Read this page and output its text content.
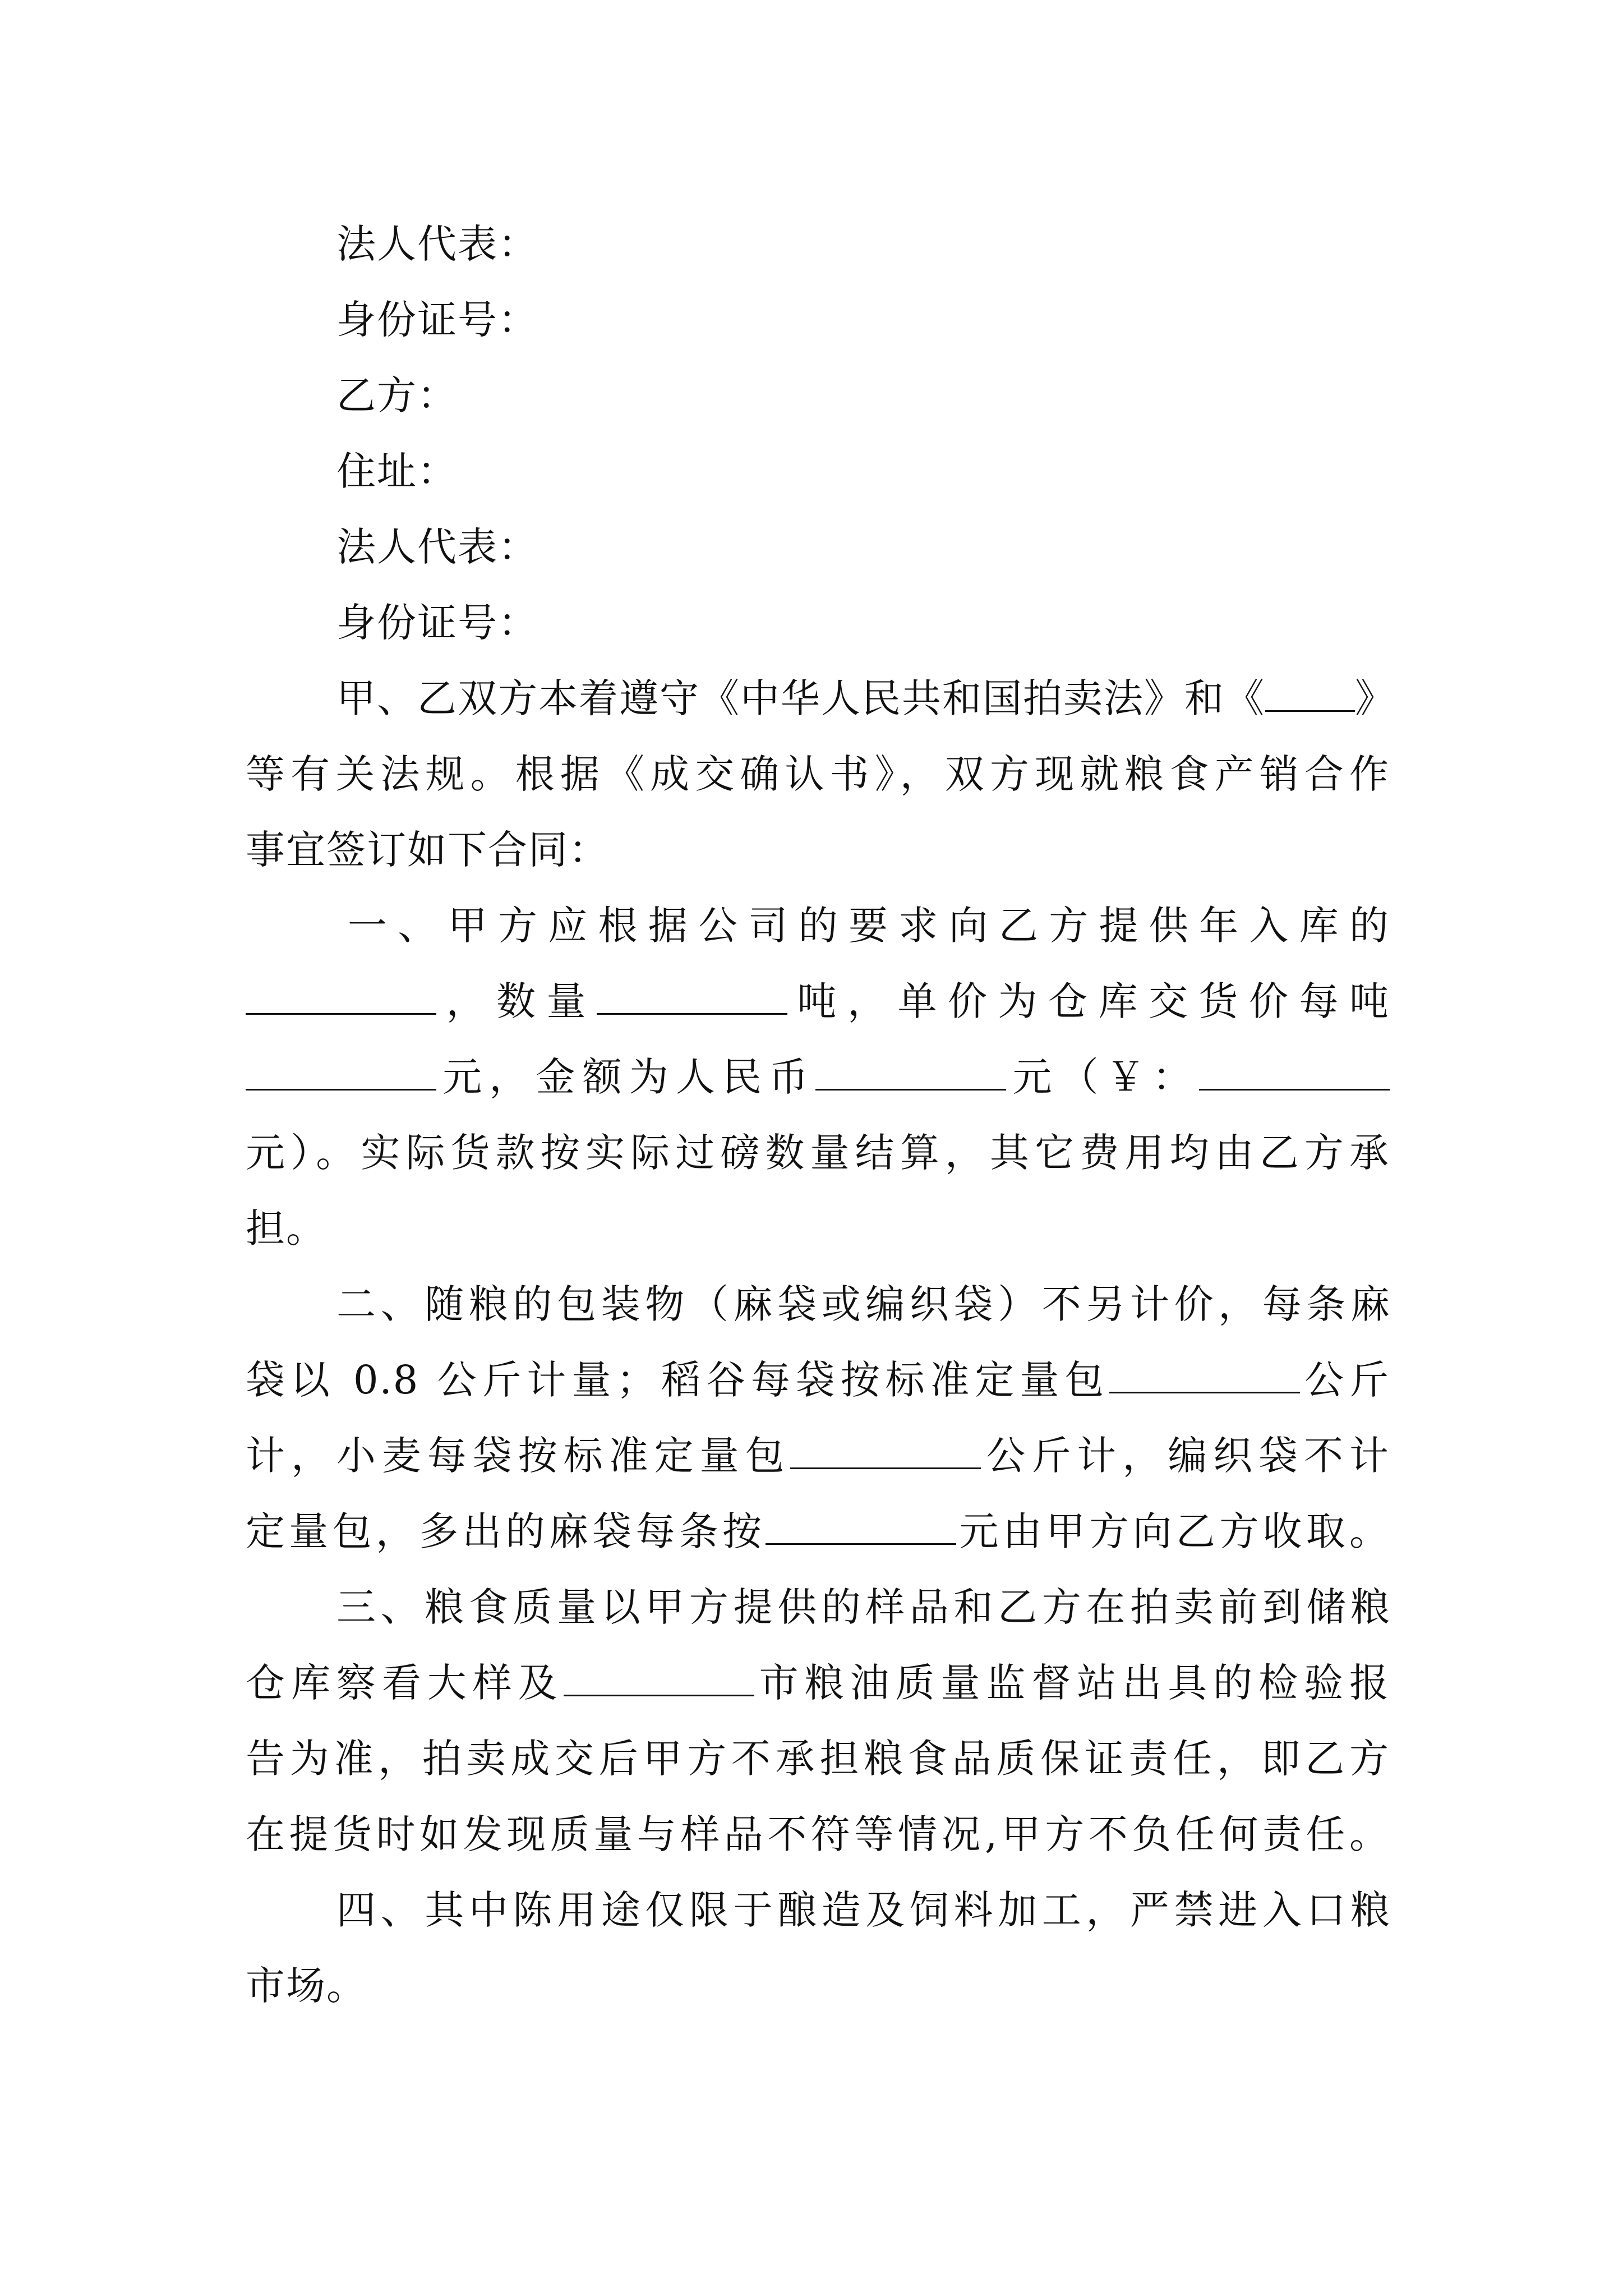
法人代表：
身份证号：
乙方：
住址：
法人代表：
身份证号：
甲、乙双方本着遵守《中华人民共和国拍卖法》和《 》
等有关法规。根据《成交确认书》，双方现就粮食产销合作
事宜签订如下合同：
一、甲方应根据公司的要求向乙方提供年入库的
，数量	吨，单价为仓库交货价每吨
元，金额为人民币	元（￥：
元）。实际货款按实际过磅数量结算，其它费用均由乙方承
担。
二、随粮的包装物（麻袋或编织袋）不另计价，每条麻
袋以 0.8 公斤计量；稻谷每袋按标准定量包	公斤
计，小麦每袋按标准定量包	公斤计，编织袋不计
定量包，多出的麻袋每条按	元由甲方向乙方收取。
三、粮食质量以甲方提供的样品和乙方在拍卖前到储粮
仓库察看大样及	市粮油质量监督站出具的检验报
告为准，拍卖成交后甲方不承担粮食品质保证责任，即乙方
在提货时如发现质量与样品不符等情况,甲方不负任何责任。
四、其中陈用途仅限于酿造及饲料加工，严禁进入口粮
市场。
